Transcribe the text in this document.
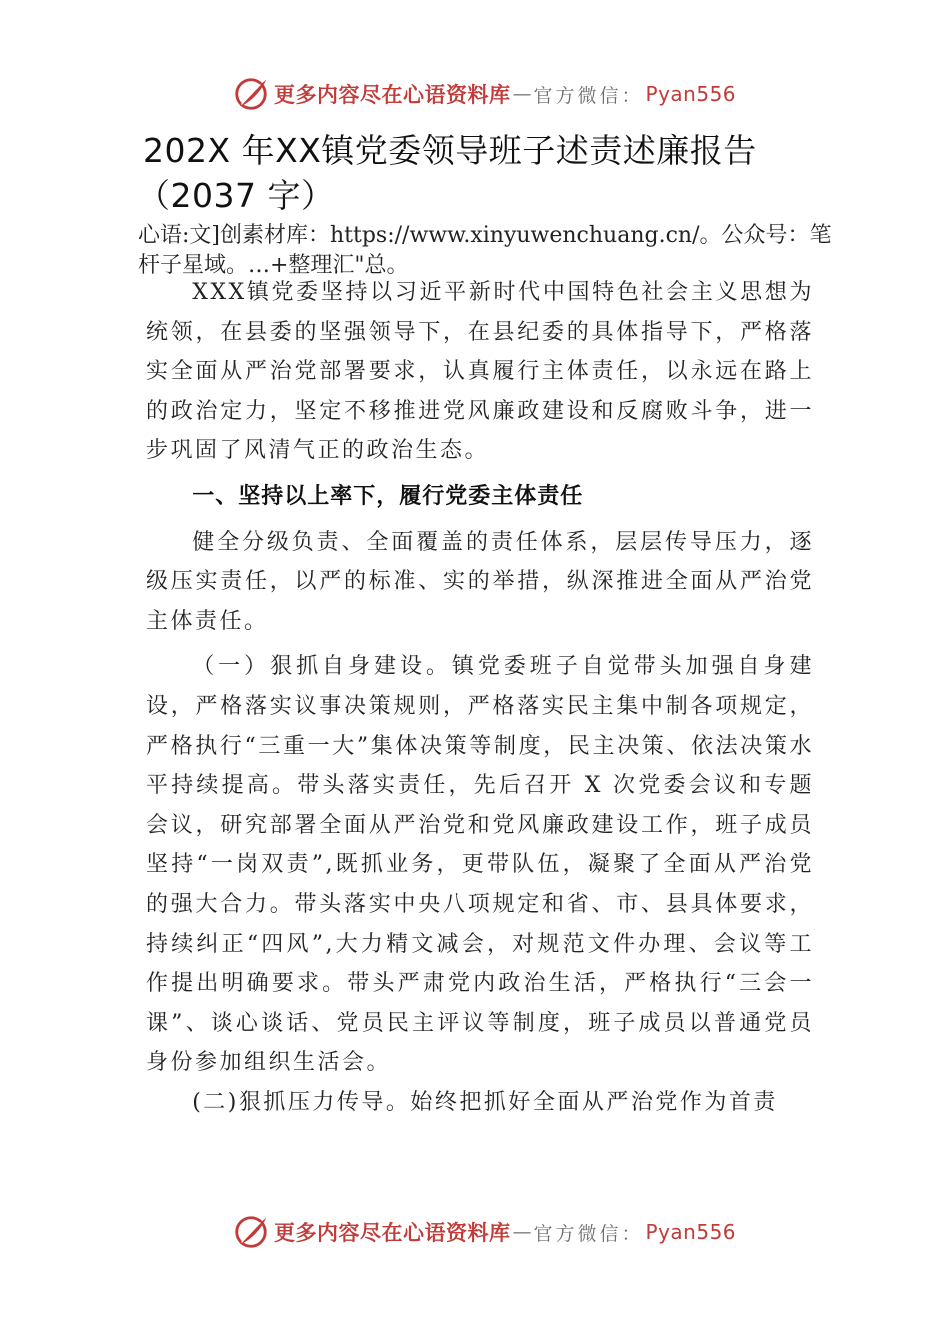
更多内容尽在心语资料库 — 官方微信： Pyan556
202X 年XX镇党委领导班子述责述廉报告
（2037 字）
心语:文]创素材库：https://www.xinyuwenchuang.cn/。公众号：笔杆子星域。…+整理汇"总。

XXX镇党委坚持以习近平新时代中国特色社会主义思想为统领，在县委的坚强领导下，在县纪委的具体指导下，严格落实全面从严治党部署要求，认真履行主体责任，以永远在路上的政治定力，坚定不移推进党风廉政建设和反腐败斗争，进一步巩固了风清气正的政治生态。

一、坚持以上率下，履行党委主体责任

健全分级负责、全面覆盖的责任体系，层层传导压力，逐级压实责任，以严的标准、实的举措，纵深推进全面从严治党主体责任。

（一）狠抓自身建设。镇党委班子自觉带头加强自身建设，严格落实议事决策规则，严格落实民主集中制各项规定，严格执行“三重一大”集体决策等制度，民主决策、依法决策水平持续提高。带头落实责任，先后召开 X 次党委会议和专题会议，研究部署全面从严治党和党风廉政建设工作，班子成员坚持“一岗双责”,既抓业务，更带队伍，凝聚了全面从严治党的强大合力。带头落实中央八项规定和省、市、县具体要求，持续纠正“四风”,大力精文减会，对规范文件办理、会议等工作提出明确要求。带头严肃党内政治生活，严格执行“三会一课”、谈心谈话、党员民主评议等制度，班子成员以普通党员身份参加组织生活会。

(二)狠抓压力传导。始终把抓好全面从严治党作为首责

更多内容尽在心语资料库 — 官方微信： Pyan556
